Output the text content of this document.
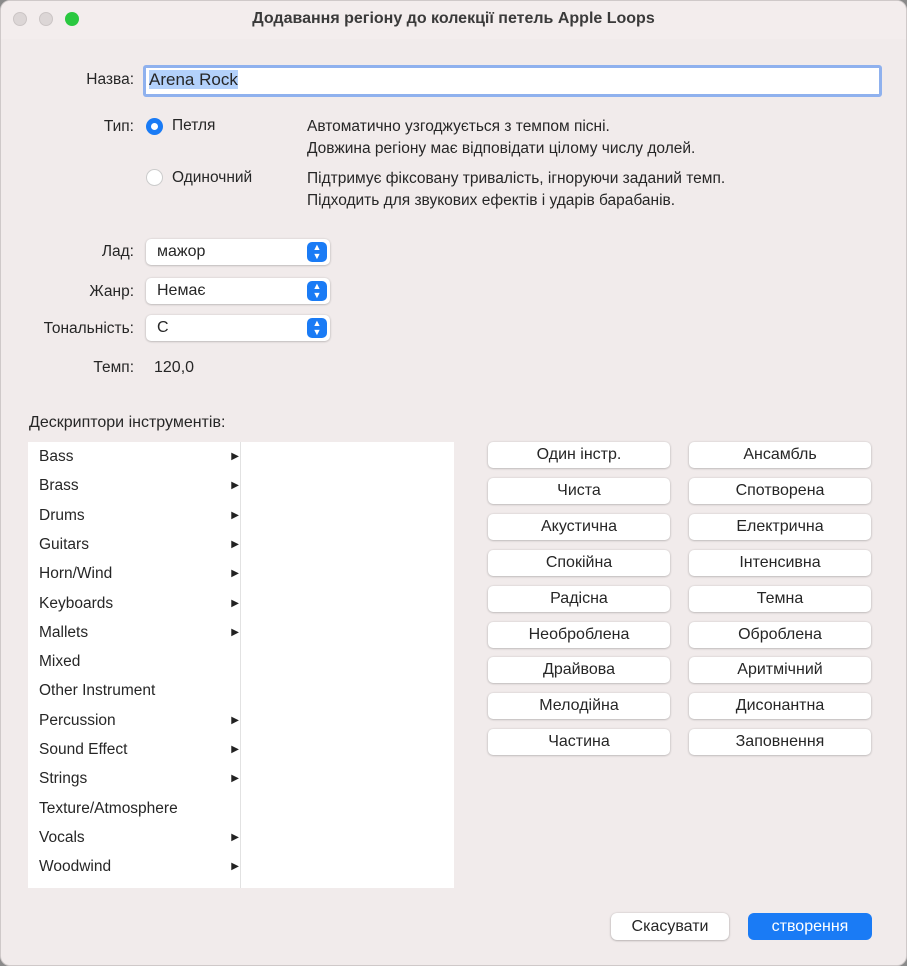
Додавання регіону до колекції петель Apple Loops
Назва: Arena Rock
Тип: Петля	Автоматично узгоджується з темпом пісні.
Довжина регіону має відповідати цілому числу долей.
Одиночний	Підтримує фіксовану тривалість, ігноруючи заданий темп.
Підходить для звукових ефектів і ударів барабанів.
Лад:	мажор	▲
▼
Жанр:	Немає	▲
▼
Тональність:	C	▲
▼
Темп: 120,0
Дескриптори інструментів:
Bass	▶
Brass	▶
Drums	▶
Guitars	▶
Horn/Wind	▶
Keyboards	▶
Mallets	▶
Mixed
Other Instrument
Percussion	▶
Sound Effect	▶
Strings	▶
Texture/Atmosphere
Vocals	▶
Woodwind	▶
Один інстр.	Ансамбль
Чиста	Спотворена
Акустична	Електрична
Спокійна	Інтенсивна
Радісна	Темна
Необроблена	Оброблена
Драйвова	Аритмічний
Мелодійна	Дисонантна
Частина	Заповнення
Скасувати	створення
